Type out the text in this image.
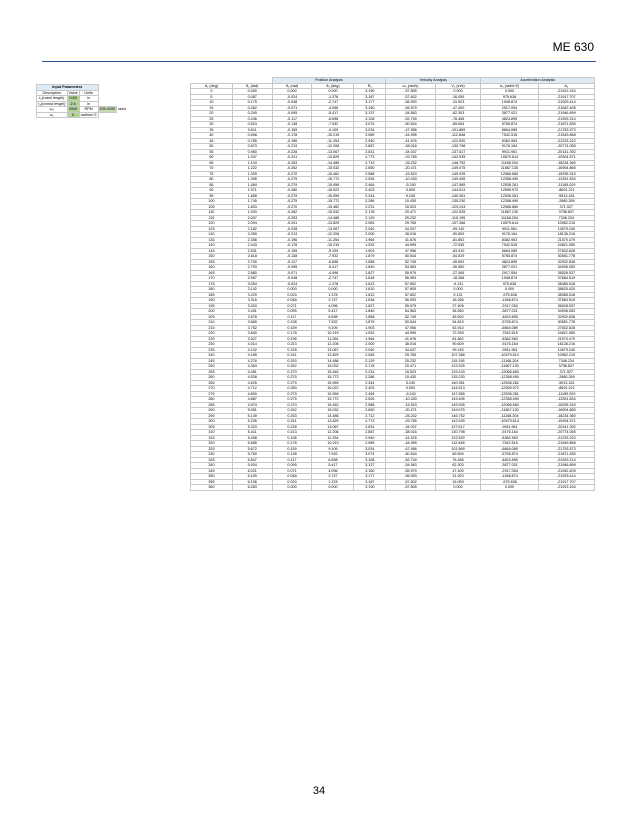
ME 630
Input Parameters				
Description	Value	Units		
r₂(crank length)	0.69	in		
r₃(conrod length)	2.5	in		
ω₂	2000	RPM	209.4395	rad/s
α₂	0	rad/sec^2		
		Position Analysis			Velocity Analysis		Acceleration Analysis	
θ₂ (deg)	θ₂ (rad)	θ₃ (rad)	θ₃ (deg)	R₄	ω₃ (rad/s)	V₄ (in/s)	α₃ (rad/s^2)	A₄
0	0.000	0.000	0.000	3.190	-57.805	0.000	0.000	-21913.154
5	0.087	-0.024	-1.378	3.187	-57.602	-16.059	975.638	-21917.707
10	0.175	-0.048	-2.747	3.177	-56.993	-31.923	1948.874	-21929.414
15	0.262	-0.071	-4.096	3.160	-55.979	-47.400	2917.054	-21942.405
20	0.349	-0.095	-5.417	3.137	-54.563	-62.303	3877.021	-21946.899
25	0.436	-0.117	-6.698	3.108	-52.749	-76.456	4824.895	-21929.214
30	0.524	-0.138	-7.932	3.074	-50.544	-89.694	5755.874	-21871.835
35	0.611	-0.159	-9.109	3.034	-47.956	-101.869	6664.089	-21753.573
40	0.698	-0.178	-10.219	2.989	-44.995	-112.848	7542.515	-21549.858
45	0.785	-0.196	-11.254	2.940	-41.676	-122.520	8382.963	-21233.222
50	0.873	-0.213	-12.206	2.887	-38.016	-130.798	9176.164	-20774.055
55	0.960	-0.228	-13.067	2.831	-34.037	-137.617	9911.961	-20141.392
60	1.047	-0.241	-13.829	2.773	-29.765	-142.939	10579.614	-19304.571
65	1.134	-0.253	-14.486	2.712	-25.232	-146.752	11168.204	-18234.360
70	1.222	-0.262	-15.032	2.650	-20.471	-149.075	11667.130	-16904.865
75	1.309	-0.270	-15.462	2.588	-15.523	-149.935	12066.660	-15295.315
80	1.396	-0.275	-15.772	2.526	-10.430	-149.405	12358.490	-13391.834
85	1.484	-0.279	-15.959	2.464	-5.240	-147.565	12536.261	-11189.029
90	1.571	-0.280	-16.022	2.403	0.000	-144.513	12595.972	-8691.221
95	1.658	-0.279	-15.959	2.344	5.240	-140.361	12536.261	-5913.181
100	1.745	-0.275	-15.772	2.286	10.430	-135.230	12358.490	-2880.289
105	1.833	-0.270	-15.462	2.231	15.523	-129.243	12066.660	371.927
110	1.920	-0.262	-15.032	2.178	20.471	-122.525	11667.130	3798.837
115	2.007	-0.253	-14.486	2.129	25.232	-115.195	11168.204	7348.234
120	2.094	-0.241	-13.829	2.083	29.765	-107.366	10579.614	10962.215
125	2.182	-0.228	-13.067	2.040	34.037	-99.140	9911.961	14579.240
130	2.269	-0.213	-12.206	2.000	38.016	-90.609	9176.164	18136.216
135	2.356	-0.196	-11.254	1.964	41.676	-81.852	8382.963	21570.479
140	2.443	-0.178	-10.219	1.932	44.995	-72.935	7542.515	24821.550
145	2.531	-0.159	-9.109	1.903	47.956	-63.910	6664.089	27832.628
150	2.618	-0.138	-7.932	1.879	50.544	-54.819	5755.874	30551.778
155	2.705	-0.117	-6.698	1.858	52.749	-45.692	4824.895	32932.836
160	2.793	-0.095	-5.417	1.840	54.563	-36.550	3877.021	34936.053
165	2.880	-0.071	-4.096	1.827	55.979	-27.406	2917.054	36528.537
170	2.967	-0.048	-2.747	1.818	56.993	-18.266	1948.874	37684.519
175	3.054	-0.024	-1.378	1.812	57.602	-9.131	975.638	38385.518
180	3.142	0.000	0.000	1.810	57.805	0.000	0.000	38620.420
185	3.229	0.024	1.378	1.812	57.602	9.131	-975.638	38385.518
190	3.316	0.048	2.747	1.818	56.993	18.266	-1948.874	37684.519
195	3.403	0.071	4.096	1.827	55.979	27.406	-2917.054	36528.537
200	3.491	0.095	5.417	1.840	54.563	36.550	-3877.021	34936.053
205	3.578	0.117	6.698	1.858	52.749	45.692	-4824.895	32932.836
210	3.665	0.138	7.932	1.879	50.544	54.819	-5755.874	30551.778
215	3.752	0.159	9.109	1.903	47.956	63.910	-6664.089	27832.628
220	3.840	0.178	10.219	1.932	44.995	72.935	-7542.515	24821.550
225	3.927	0.196	11.254	1.964	41.676	81.852	-8382.963	21570.479
230	4.014	0.213	12.206	2.000	38.016	90.609	-9176.164	18136.216
235	4.102	0.228	13.067	2.040	34.037	99.140	-9911.961	14579.240
240	4.189	0.241	13.829	2.083	29.765	107.366	-10579.614	10962.215
245	4.276	0.253	14.486	2.129	25.232	115.195	-11168.204	7348.234
250	4.363	0.262	15.032	2.178	20.471	122.525	-11667.130	3798.837
255	4.451	0.270	15.462	2.231	15.523	129.243	-12066.660	371.927
260	4.538	0.275	15.772	2.286	10.430	135.230	-12358.490	-2880.289
265	4.625	0.279	15.959	2.344	5.240	140.361	-12536.261	-5913.181
270	4.712	0.280	16.022	2.403	0.000	144.513	-12595.972	-8691.221
275	4.800	0.279	15.959	2.464	-5.240	147.565	-12536.261	-11189.029
280	4.887	0.275	15.772	2.526	-10.430	149.405	-12358.490	-13391.834
285	4.974	0.270	15.462	2.588	-15.523	149.935	-12066.660	-15295.315
290	5.061	0.262	15.032	2.650	-20.471	149.075	-11667.130	-16904.865
295	5.149	0.253	14.486	2.712	-25.232	146.752	-11168.204	-18234.360
300	5.236	0.241	13.829	2.773	-29.765	142.939	-10579.614	-19304.571
305	5.323	0.228	13.067	2.831	-34.037	137.617	-9911.961	-20141.392
310	5.411	0.213	12.206	2.887	-38.016	130.798	-9176.164	-20774.055
315	5.498	0.196	11.254	2.940	-41.676	122.520	-8382.963	-21233.222
320	5.585	0.178	10.219	2.989	-44.995	112.848	-7542.515	-21549.858
325	5.672	0.159	9.109	3.034	-47.956	101.869	-6664.089	-21753.573
330	5.760	0.138	7.932	3.074	-50.544	89.694	-5755.874	-21871.835
335	5.847	0.117	6.698	3.108	-52.749	76.456	-4824.895	-21929.214
340	5.934	0.095	5.417	3.137	-54.563	62.303	-3877.021	-21946.899
345	6.021	0.071	4.096	3.160	-55.979	47.400	-2917.054	-21942.405
350	6.109	0.048	2.747	3.177	-56.993	31.923	-1948.874	-21929.414
355	6.196	0.024	1.378	3.187	-57.602	16.059	-975.638	-21917.707
360	6.283	0.000	0.000	3.190	-57.805	0.000	0.000	-21913.154
34
